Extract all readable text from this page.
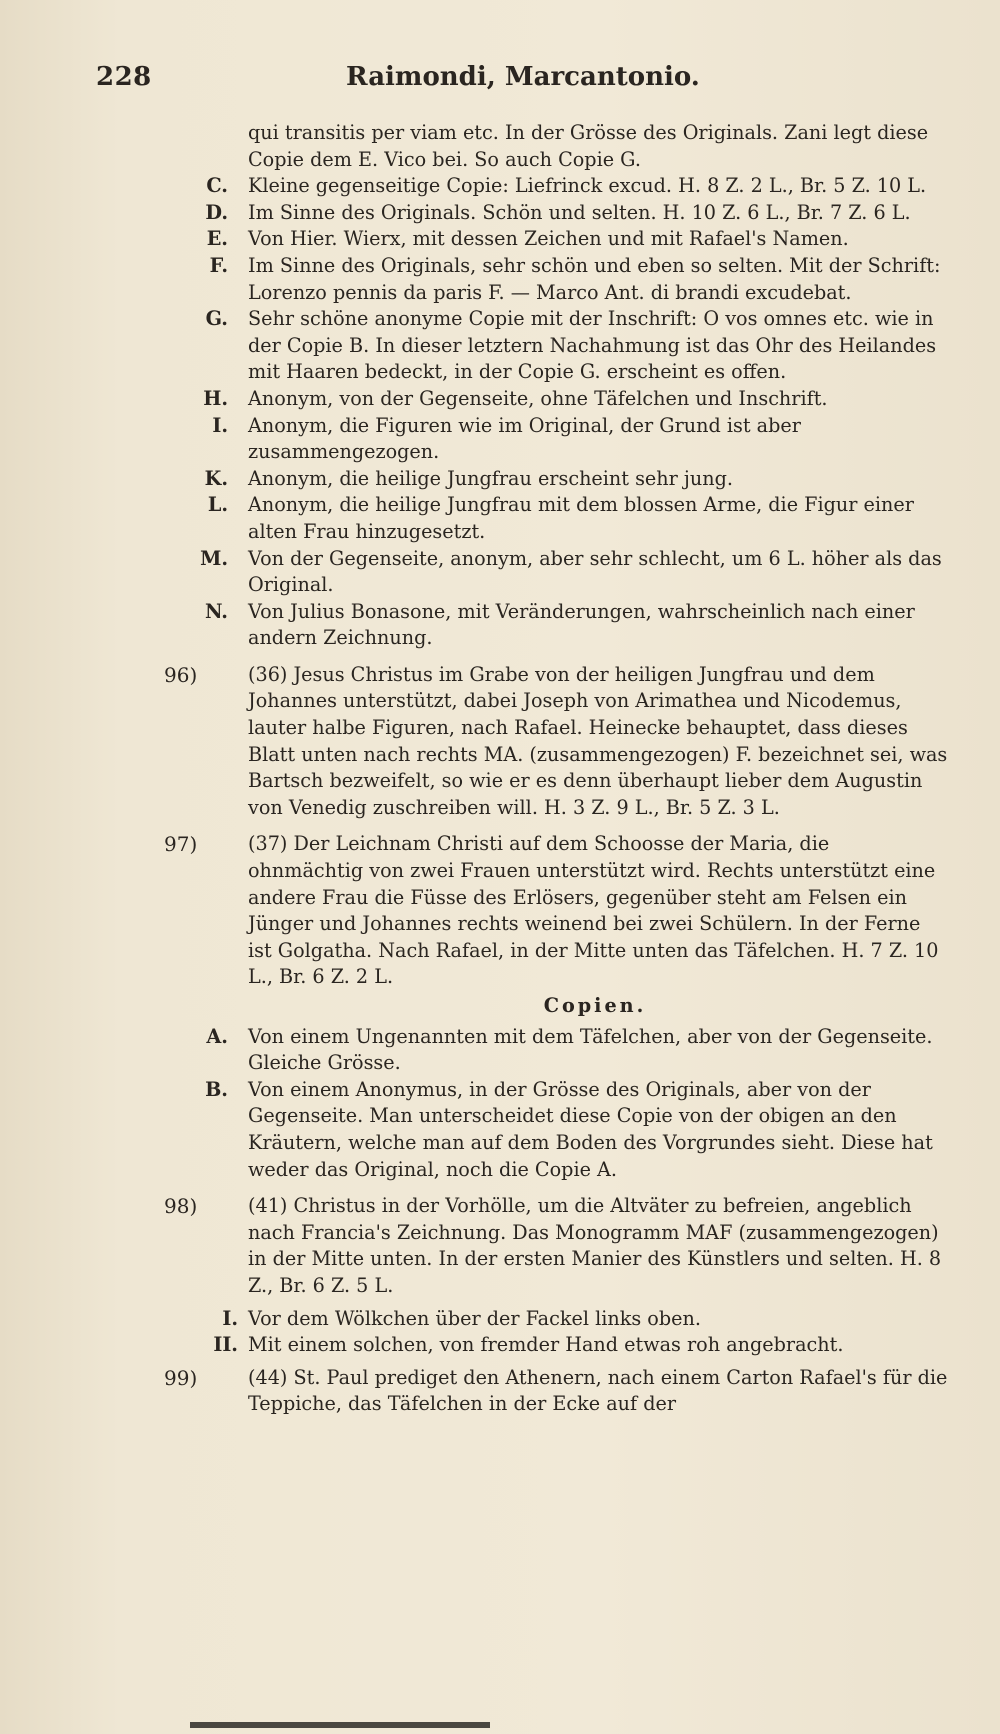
228	Raimondi, Marcantonio.

qui transitis per viam etc. In der Grösse des Originals. Zani legt diese Copie dem E. Vico bei. So auch Copie G.

C. Kleine gegenseitige Copie: Liefrinck excud. H. 8 Z. 2 L., Br. 5 Z. 10 L.

D. Im Sinne des Originals. Schön und selten. H. 10 Z. 6 L., Br. 7 Z. 6 L.

E. Von Hier. Wierx, mit dessen Zeichen und mit Rafael's Namen.

F. Im Sinne des Originals, sehr schön und eben so selten. Mit der Schrift: Lorenzo pennis da paris F. — Marco Ant. di brandi excudebat.

G. Sehr schöne anonyme Copie mit der Inschrift: O vos omnes etc. wie in der Copie B. In dieser letztern Nachahmung ist das Ohr des Heilandes mit Haaren bedeckt, in der Copie G. erscheint es offen.

H. Anonym, von der Gegenseite, ohne Täfelchen und Inschrift.

I. Anonym, die Figuren wie im Original, der Grund ist aber zusammengezogen.

K. Anonym, die heilige Jungfrau erscheint sehr jung.

L. Anonym, die heilige Jungfrau mit dem blossen Arme, die Figur einer alten Frau hinzugesetzt.

M. Von der Gegenseite, anonym, aber sehr schlecht, um 6 L. höher als das Original.

N. Von Julius Bonasone, mit Veränderungen, wahrscheinlich nach einer andern Zeichnung.

96)	(36) Jesus Christus im Grabe von der heiligen Jungfrau und dem Johannes unterstützt, dabei Joseph von Arimathea und Nicodemus, lauter halbe Figuren, nach Rafael. Heinecke behauptet, dass dieses Blatt unten nach rechts MA. (zusammengezogen) F. bezeichnet sei, was Bartsch bezweifelt, so wie er es denn überhaupt lieber dem Augustin von Venedig zuschreiben will. H. 3 Z. 9 L., Br. 5 Z. 3 L.

97)	(37) Der Leichnam Christi auf dem Schoosse der Maria, die ohnmächtig von zwei Frauen unterstützt wird. Rechts unterstützt eine andere Frau die Füsse des Erlösers, gegenüber steht am Felsen ein Jünger und Johannes rechts weinend bei zwei Schülern. In der Ferne ist Golgatha. Nach Rafael, in der Mitte unten das Täfelchen. H. 7 Z. 10 L., Br. 6 Z. 2 L.

Copien.

A. Von einem Ungenannten mit dem Täfelchen, aber von der Gegenseite. Gleiche Grösse.

B. Von einem Anonymus, in der Grösse des Originals, aber von der Gegenseite. Man unterscheidet diese Copie von der obigen an den Kräutern, welche man auf dem Boden des Vorgrundes sieht. Diese hat weder das Original, noch die Copie A.

98)	(41) Christus in der Vorhölle, um die Altväter zu befreien, angeblich nach Francia's Zeichnung. Das Monogramm MAF (zusammengezogen) in der Mitte unten. In der ersten Manier des Künstlers und selten. H. 8 Z., Br. 6 Z. 5 L.

I. Vor dem Wölkchen über der Fackel links oben.

II. Mit einem solchen, von fremder Hand etwas roh angebracht.

99)	(44) St. Paul prediget den Athenern, nach einem Carton Rafael's für die Teppiche, das Täfelchen in der Ecke auf der
